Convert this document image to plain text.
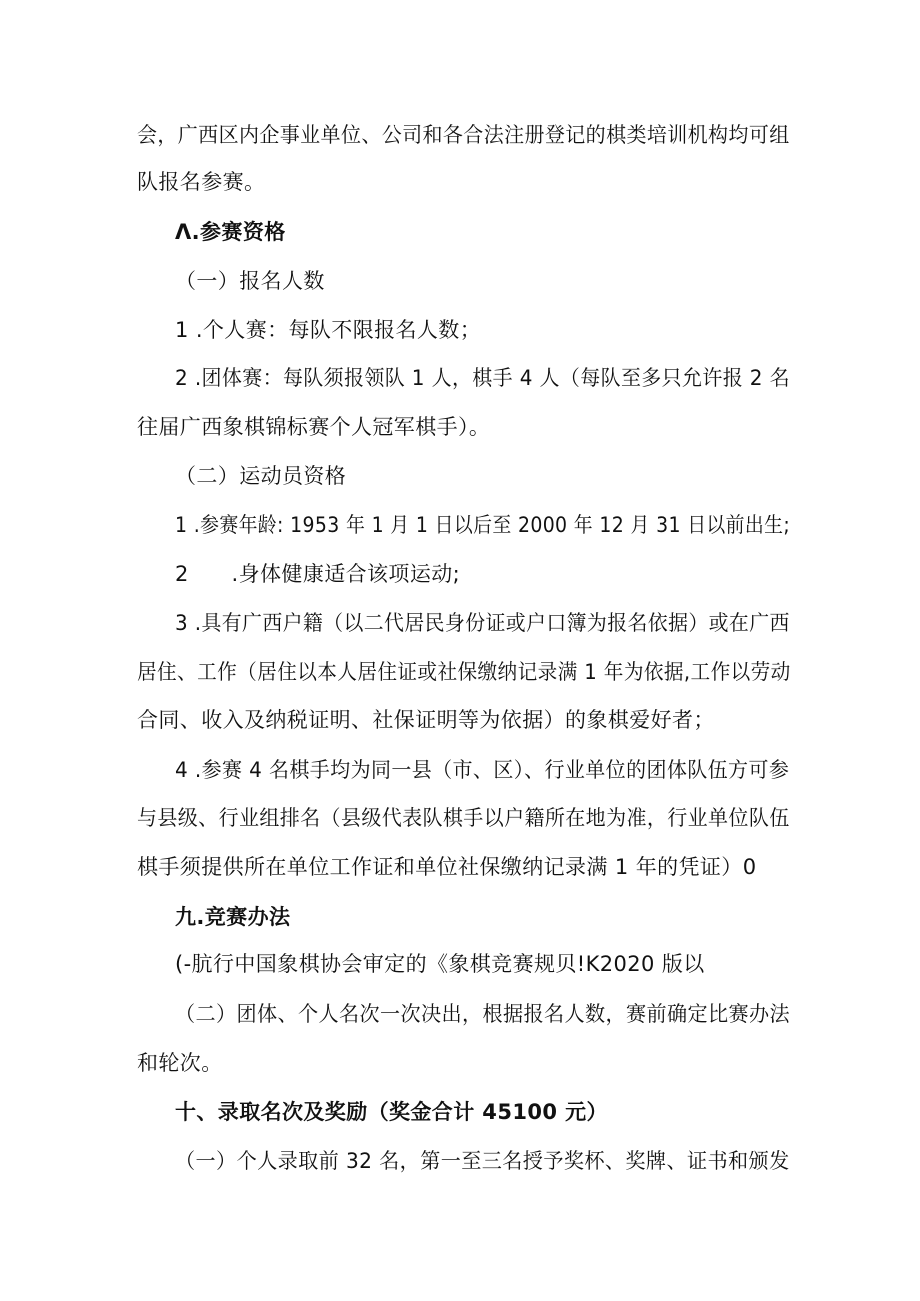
会，广西区内企事业单位、公司和各合法注册登记的棋类培训机构均可组
队报名参赛。
Λ.参赛资格
（一）报名人数
1 .个人赛：每队不限报名人数；
2 .团体赛：每队须报领队 1 人，棋手 4 人（每队至多只允许报 2 名
往届广西象棋锦标赛个人冠军棋手）。
（二）运动员资格
1 .参赛年龄: 1953 年 1 月 1 日以后至 2000 年 12 月 31 日以前出生;
2　　.身体健康适合该项运动;
3 .具有广西户籍（以二代居民身份证或户口簿为报名依据）或在广西
居住、工作（居住以本人居住证或社保缴纳记录满 1 年为依据,工作以劳动
合同、收入及纳税证明、社保证明等为依据）的象棋爱好者；
4 .参赛 4 名棋手均为同一县（市、区）、行业单位的团体队伍方可参
与县级、行业组排名（县级代表队棋手以户籍所在地为准，行业单位队伍
棋手须提供所在单位工作证和单位社保缴纳记录满 1 年的凭证）0
九.竞赛办法
(-肮行中国象棋协会审定的《象棋竞赛规贝!K2020 版以
（二）团体、个人名次一次决出，根据报名人数，赛前确定比赛办法
和轮次。
十、录取名次及奖励（奖金合计 45100 元）
（一）个人录取前 32 名，第一至三名授予奖杯、奖牌、证书和颁发
